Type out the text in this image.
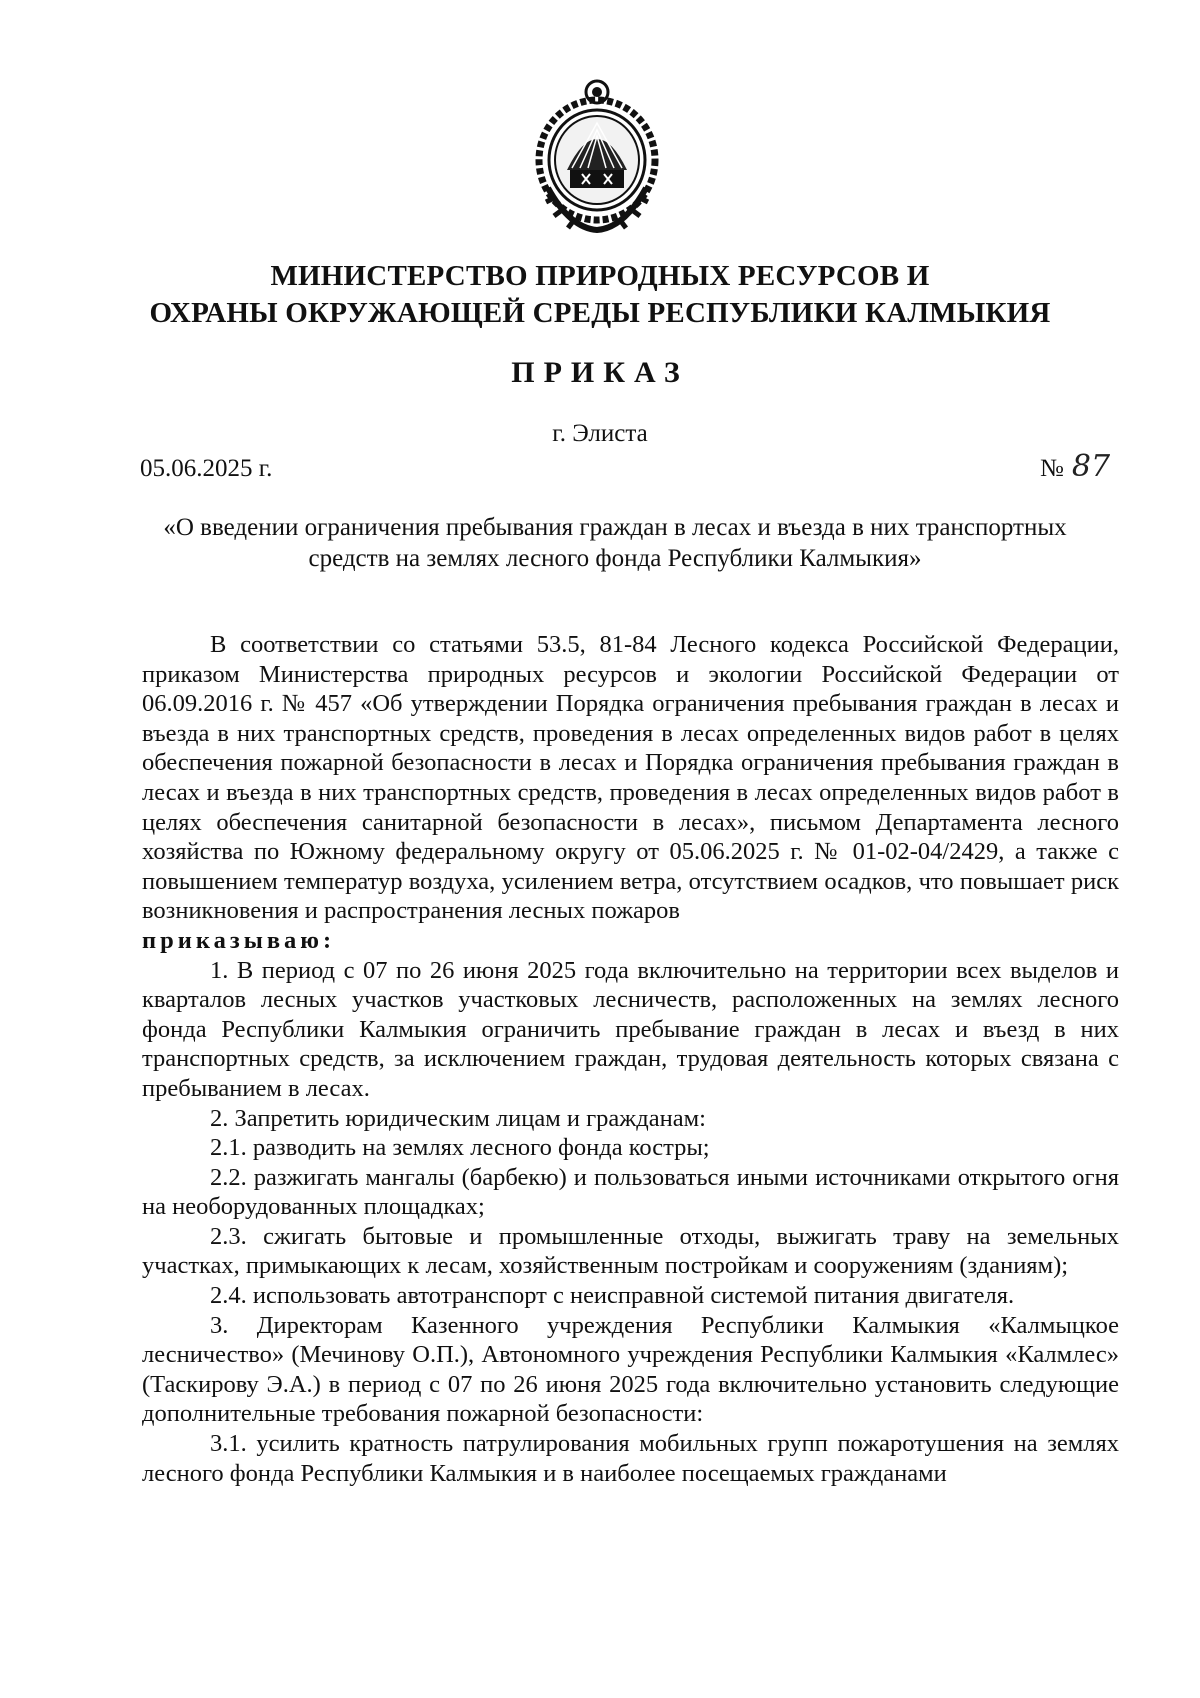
МИНИСТЕРСТВО ПРИРОДНЫХ РЕСУРСОВ И
ОХРАНЫ ОКРУЖАЮЩЕЙ СРЕДЫ РЕСПУБЛИКИ КАЛМЫКИЯ
ПРИКАЗ
г. Элиста
05.06.2025 г.	№ 87
«О введении ограничения пребывания граждан в лесах и въезда в них транспортных
средств на землях лесного фонда Республики Калмыкия»

В соответствии со статьями 53.5, 81-84 Лесного кодекса Российской Федерации, приказом Министерства природных ресурсов и экологии Российской Федерации от 06.09.2016 г. № 457 «Об утверждении Порядка ограничения пребывания граждан в лесах и въезда в них транспортных средств, проведения в лесах определенных видов работ в целях обеспечения пожарной безопасности в лесах и Порядка ограничения пребывания граждан в лесах и въезда в них транспортных средств, проведения в лесах определенных видов работ в целях обеспечения санитарной безопасности в лесах», письмом Департамента лесного хозяйства по Южному федеральному округу от 05.06.2025 г. № 01-02-04/2429, а также с повышением температур воздуха, усилением ветра, отсутствием осадков, что повышает риск возникновения и распространения лесных пожаров

приказываю:

1. В период с 07 по 26 июня 2025 года включительно на территории всех выделов и кварталов лесных участков участковых лесничеств, расположенных на землях лесного фонда Республики Калмыкия ограничить пребывание граждан в лесах и въезд в них транспортных средств, за исключением граждан, трудовая деятельность которых связана с пребыванием в лесах.

2. Запретить юридическим лицам и гражданам:

2.1. разводить на землях лесного фонда костры;

2.2. разжигать мангалы (барбекю) и пользоваться иными источниками открытого огня на необорудованных площадках;

2.3. сжигать бытовые и промышленные отходы, выжигать траву на земельных участках, примыкающих к лесам, хозяйственным постройкам и сооружениям (зданиям);

2.4. использовать автотранспорт с неисправной системой питания двигателя.

3. Директорам Казенного учреждения Республики Калмыкия «Калмыцкое лесничество» (Мечинову О.П.), Автономного учреждения Республики Калмыкия «Калмлес» (Таскирову Э.А.) в период с 07 по 26 июня 2025 года включительно установить следующие дополнительные требования пожарной безопасности:

3.1. усилить кратность патрулирования мобильных групп пожаротушения на землях лесного фонда Республики Калмыкия и в наиболее посещаемых гражданами
